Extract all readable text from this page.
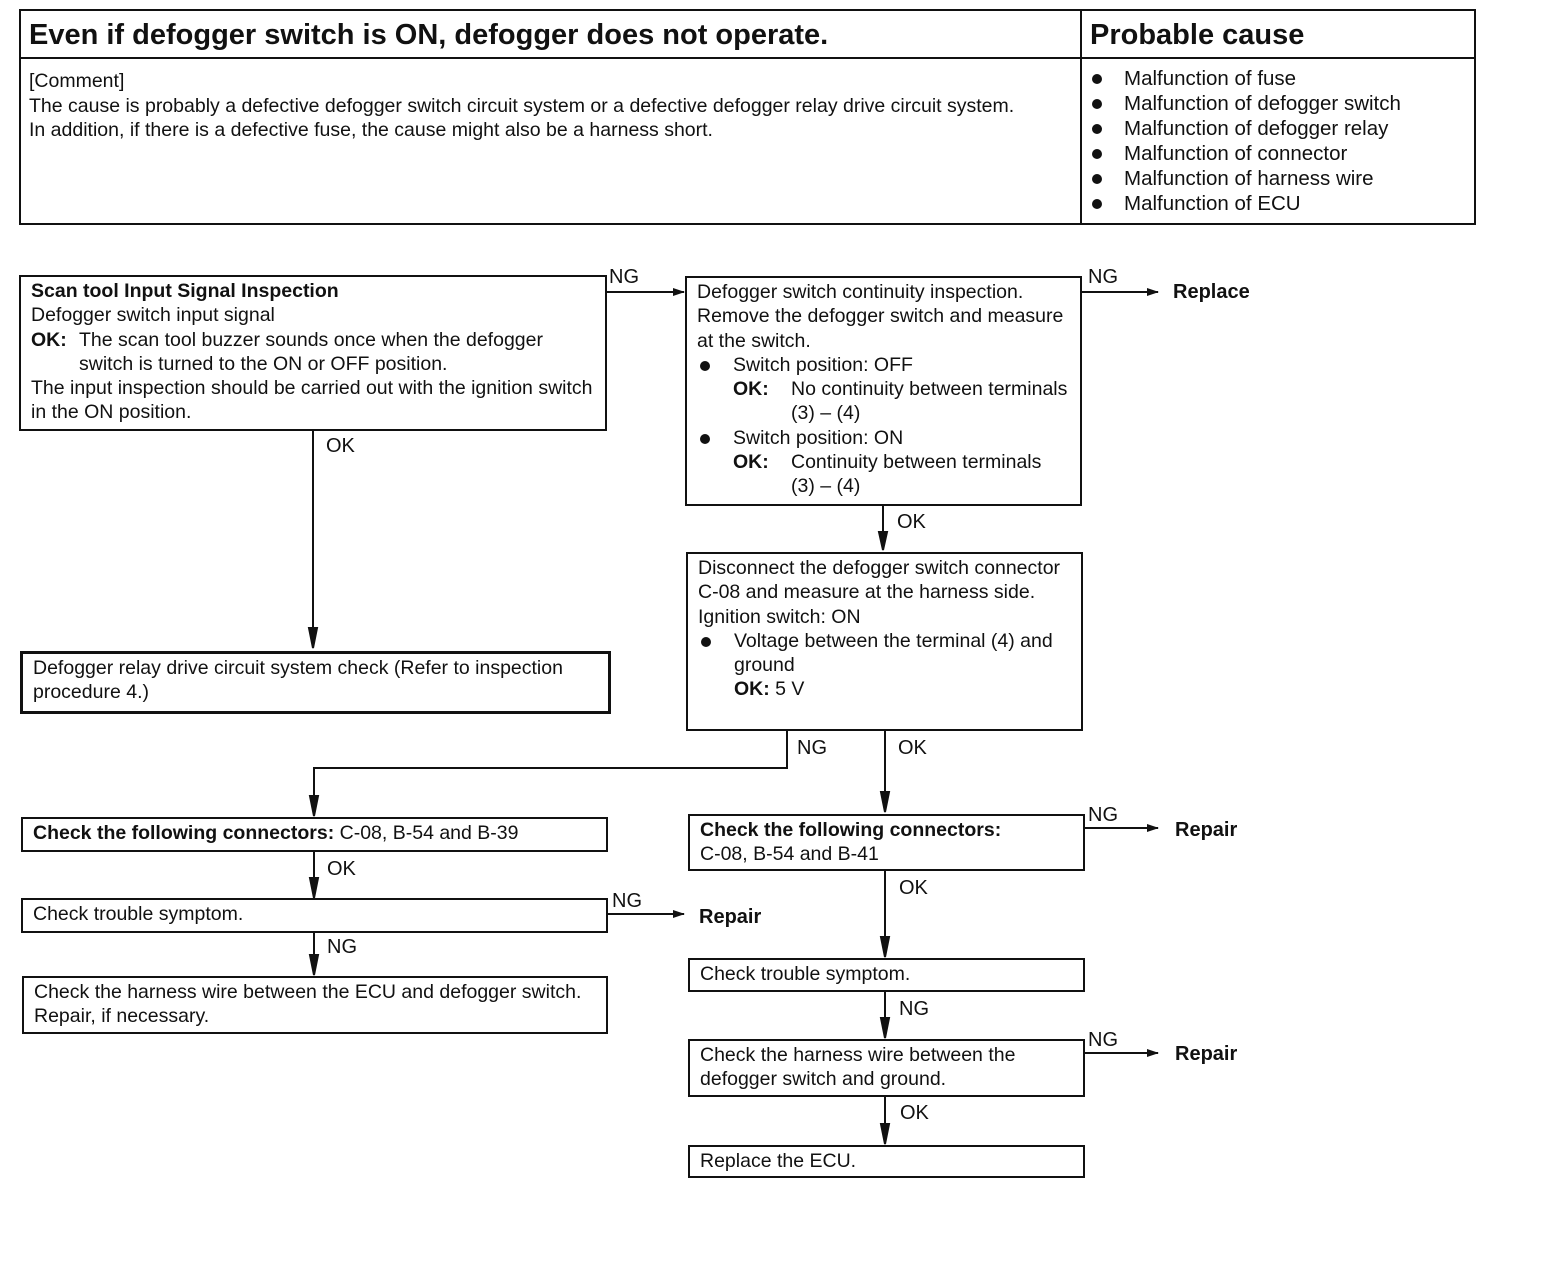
Even if defogger switch is ON, defogger does not operate.	Probable cause
[Comment]
The cause is probably a defective defogger switch circuit system or a defective defogger relay drive circuit system.
In addition, if there is a defective fuse, the cause might also be a harness short.
Malfunction of fuse
Malfunction of defogger switch
Malfunction of defogger relay
Malfunction of connector
Malfunction of harness wire
Malfunction of ECU
Scan tool Input Signal Inspection
Defogger switch input signal
OK: The scan tool buzzer sounds once when the defogger switch is turned to the ON or OFF position.
The input inspection should be carried out with the ignition switch in the ON position.
Defogger switch continuity inspection.
Remove the defogger switch and measure at the switch.
Switch position: OFF
OK:	No continuity between terminals (3) – (4)
Switch position: ON
OK:	Continuity between terminals (3) – (4)
Disconnect the defogger switch connector C-08 and measure at the harness side.
Ignition switch: ON
Voltage between the terminal (4) and ground
OK: 5 V
Defogger relay drive circuit system check (Refer to inspection procedure 4.)
Check the following connectors: C-08, B-54 and B-39
Check trouble symptom.
Check the harness wire between the ECU and defogger switch. Repair, if necessary.
Check the following connectors:
C-08, B-54 and B-41
Check trouble symptom.
Check the harness wire between the defogger switch and ground.
Replace the ECU.
NG	NG
OK
OK
NG	OK
OK
NG
NG
NG
OK
NG
NG
OK
Replace
Repair
Repair
Repair
